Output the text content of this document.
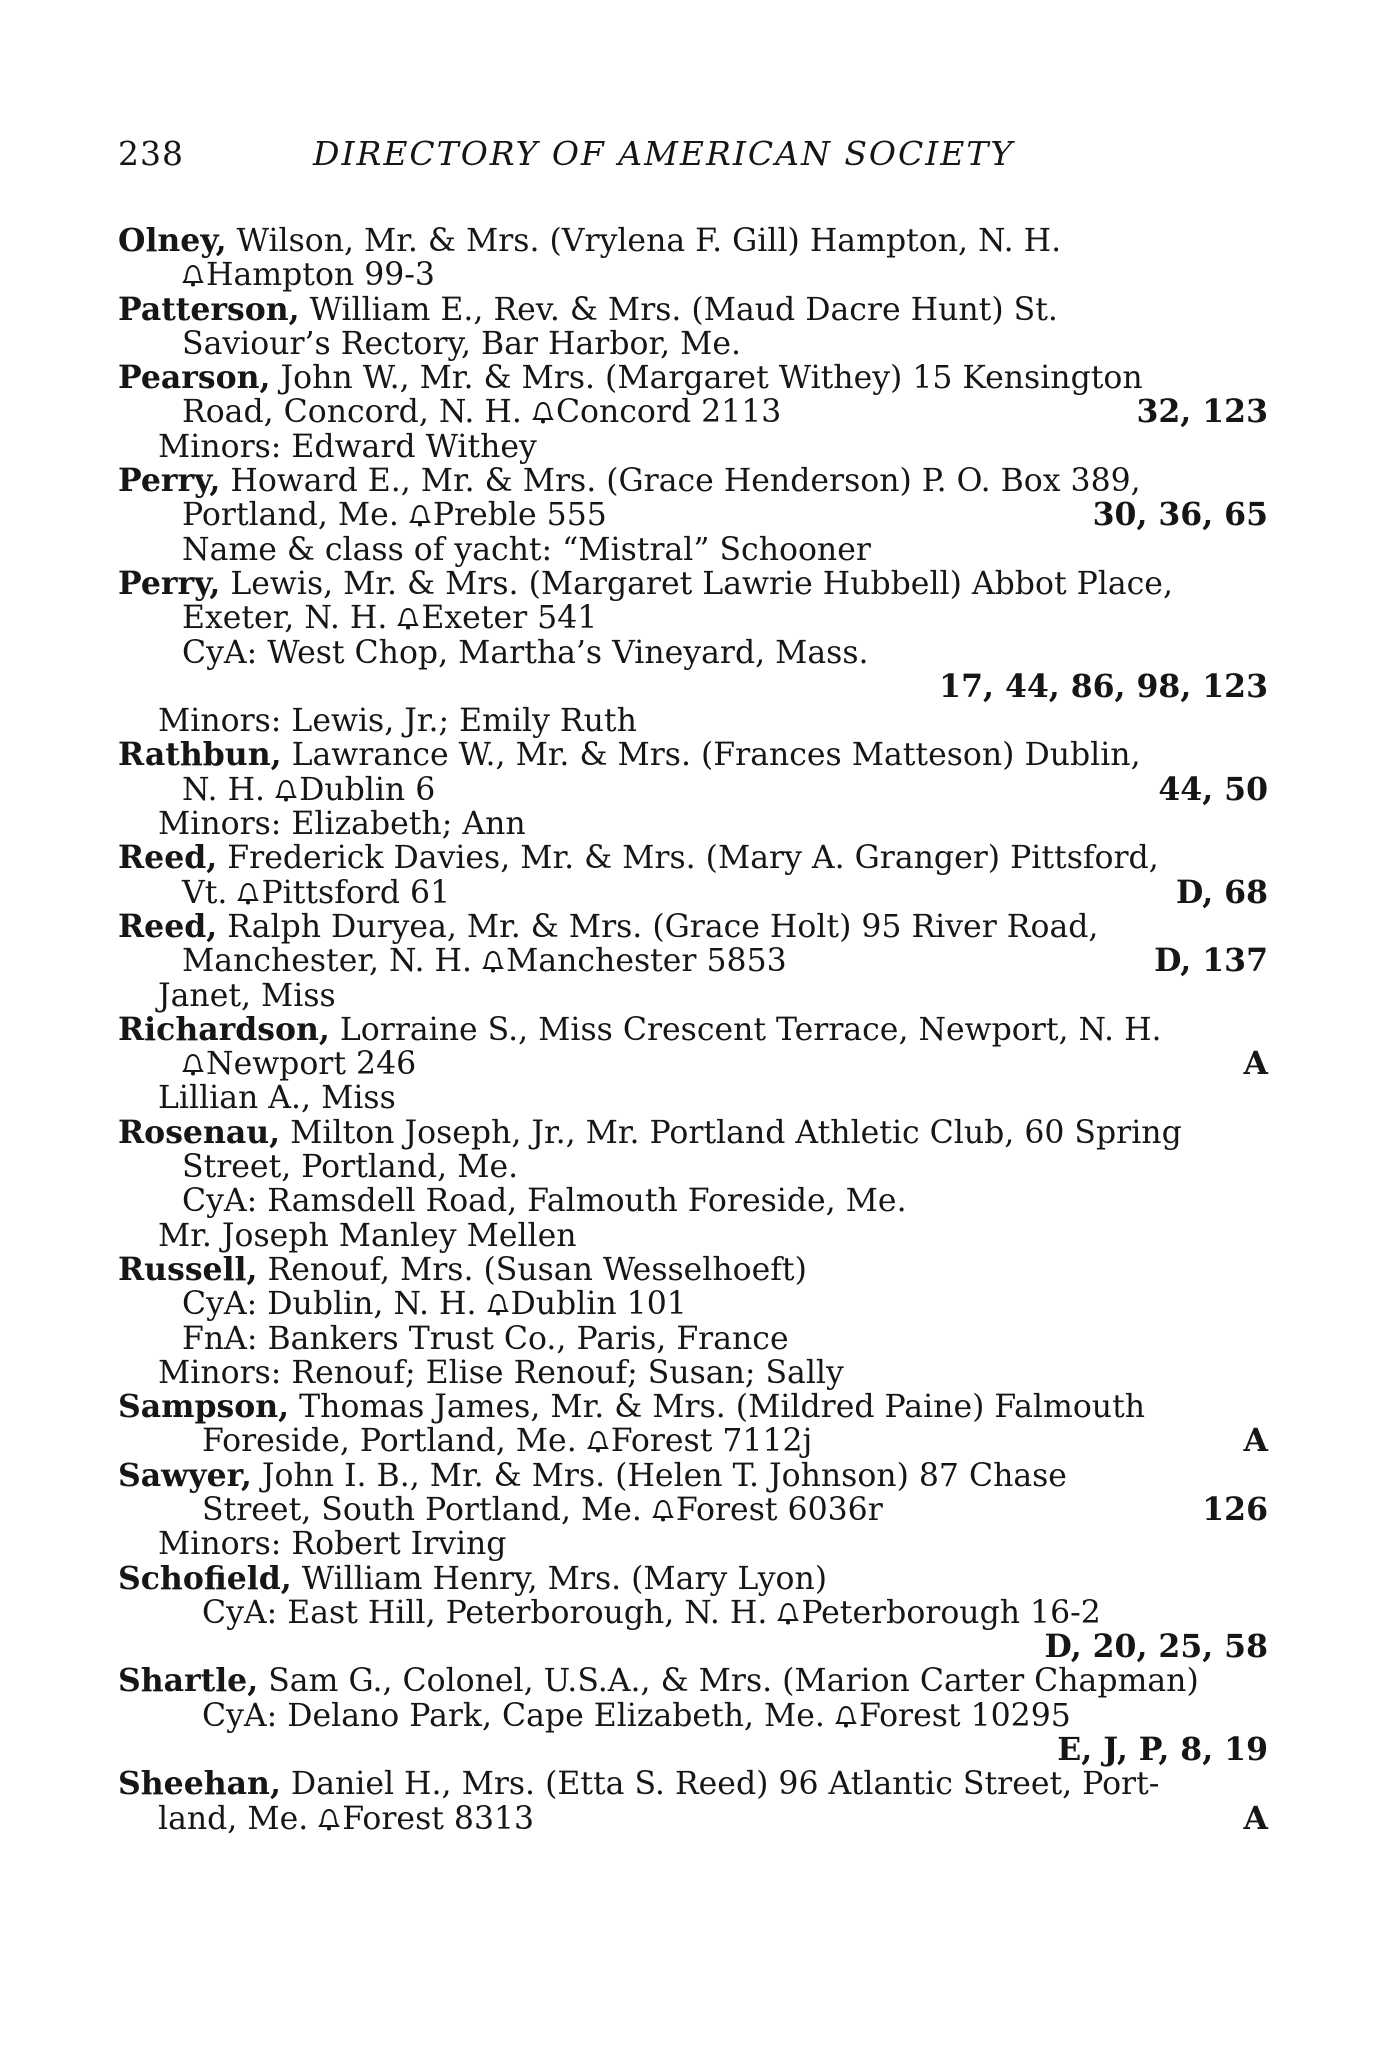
238	DIRECTORY OF AMERICAN SOCIETY
Olney, Wilson, Mr. & Mrs. (Vrylena F. Gill) Hampton, N. H.
Hampton 99-3
Patterson, William E., Rev. & Mrs. (Maud Dacre Hunt) St.
Saviour’s Rectory, Bar Harbor, Me.
Pearson, John W., Mr. & Mrs. (Margaret Withey) 15 Kensington
Road, Concord, N. H.
Concord 2113	32, 123
Minors: Edward Withey
Perry, Howard E., Mr. & Mrs. (Grace Henderson) P. O. Box 389,
Portland, Me.
Preble 555	30, 36, 65
Name & class of yacht: “Mistral” Schooner
Perry, Lewis, Mr. & Mrs. (Margaret Lawrie Hubbell) Abbot Place,
Exeter, N. H.
Exeter 541
CyA: West Chop, Martha’s Vineyard, Mass.
17, 44, 86, 98, 123
Minors: Lewis, Jr.; Emily Ruth
Rathbun, Lawrance W., Mr. & Mrs. (Frances Matteson) Dublin,
N. H.
Dublin 6	44, 50
Minors: Elizabeth; Ann
Reed, Frederick Davies, Mr. & Mrs. (Mary A. Granger) Pittsford,
Vt.
Pittsford 61	D, 68
Reed, Ralph Duryea, Mr. & Mrs. (Grace Holt) 95 River Road,
Manchester, N. H.
Manchester 5853	D, 137
Janet, Miss
Richardson, Lorraine S., Miss Crescent Terrace, Newport, N. H.
Newport 246	A
Lillian A., Miss
Rosenau, Milton Joseph, Jr., Mr. Portland Athletic Club, 60 Spring
Street, Portland, Me.
CyA: Ramsdell Road, Falmouth Foreside, Me.
Mr. Joseph Manley Mellen
Russell, Renouf, Mrs. (Susan Wesselhoeft)
CyA: Dublin, N. H.
Dublin 101
FnA: Bankers Trust Co., Paris, France
Minors: Renouf; Elise Renouf; Susan; Sally
Sampson, Thomas James, Mr. & Mrs. (Mildred Paine) Falmouth
Foreside, Portland, Me.
Forest 7112j	A
Sawyer, John I. B., Mr. & Mrs. (Helen T. Johnson) 87 Chase
Street, South Portland, Me.
Forest 6036r	126
Minors: Robert Irving
Schofield, William Henry, Mrs. (Mary Lyon)
CyA: East Hill, Peterborough, N. H.
Peterborough 16-2
D, 20, 25, 58
Shartle, Sam G., Colonel, U.S.A., & Mrs. (Marion Carter Chapman)
CyA: Delano Park, Cape Elizabeth, Me.
Forest 10295
E, J, P, 8, 19
Sheehan, Daniel H., Mrs. (Etta S. Reed) 96 Atlantic Street, Port-
land, Me.
Forest 8313	A
